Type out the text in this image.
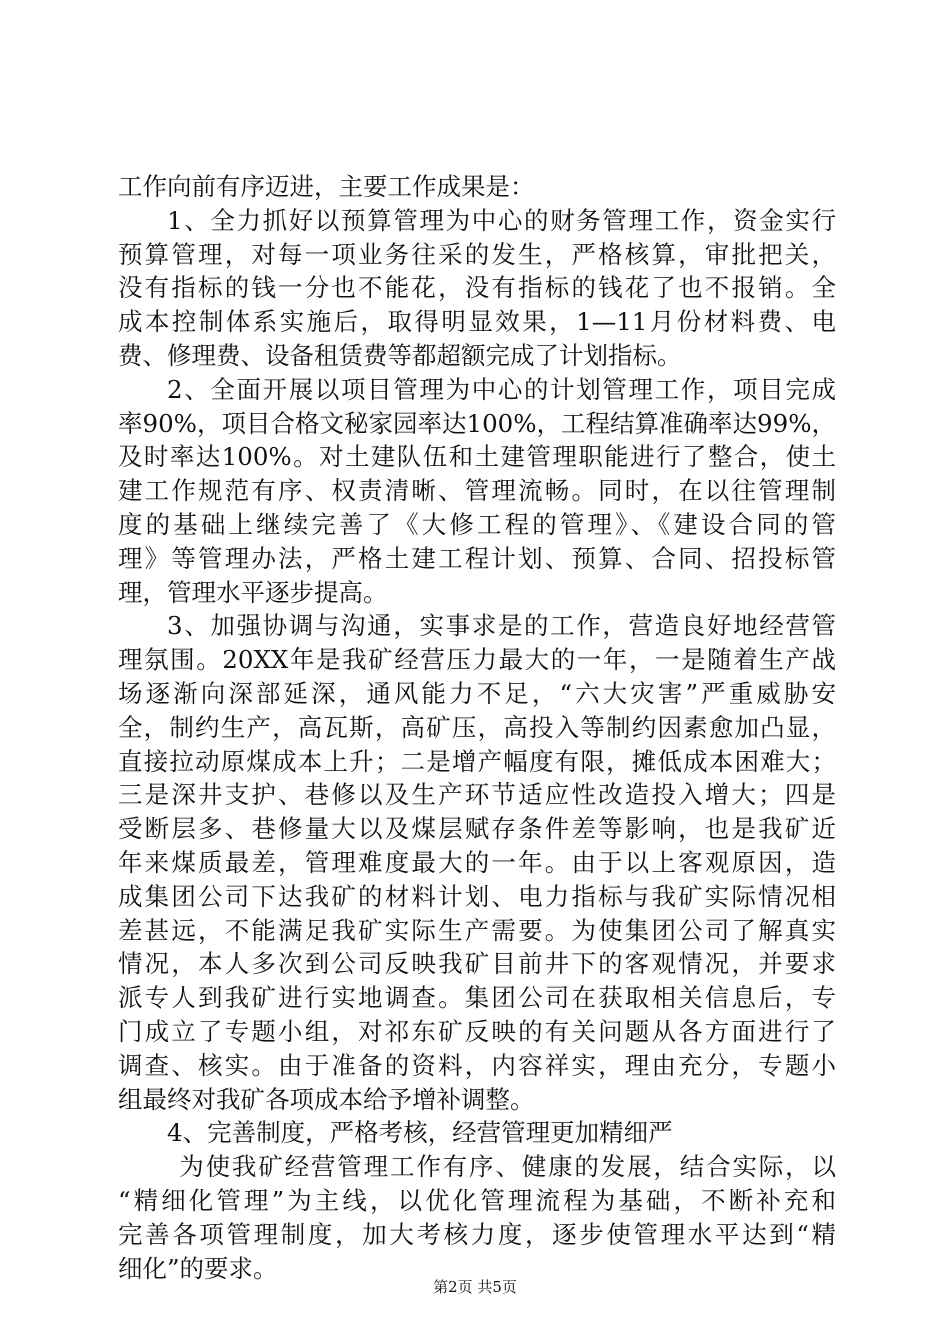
工作向前有序迈进，主要工作成果是：
1、全力抓好以预算管理为中心的财务管理工作，资金实行
预算管理，对每一项业务往采的发生，严格核算，审批把关，
没有指标的钱一分也不能花，没有指标的钱花了也不报销。全
成本控制体系实施后，取得明显效果，1—11月份材料费、电
费、修理费、设备租赁费等都超额完成了计划指标。
2、全面开展以项目管理为中心的计划管理工作，项目完成
率90%，项目合格文秘家园率达100%，工程结算准确率达99%，
及时率达100%。对土建队伍和土建管理职能进行了整合，使土
建工作规范有序、权责清晰、管理流畅。同时，在以往管理制
度的基础上继续完善了《大修工程的管理》、《建设合同的管
理》等管理办法，严格土建工程计划、预算、合同、招投标管
理，管理水平逐步提高。
3、加强协调与沟通，实事求是的工作，营造良好地经营管
理氛围。20XX年是我矿经营压力最大的一年，一是随着生产战
场逐渐向深部延深，通风能力不足，“六大灾害”严重威胁安
全，制约生产，高瓦斯，高矿压，高投入等制约因素愈加凸显，
直接拉动原煤成本上升；二是增产幅度有限，摊低成本困难大；
三是深井支护、巷修以及生产环节适应性改造投入增大；四是
受断层多、巷修量大以及煤层赋存条件差等影响，也是我矿近
年来煤质最差，管理难度最大的一年。由于以上客观原因，造
成集团公司下达我矿的材料计划、电力指标与我矿实际情况相
差甚远，不能满足我矿实际生产需要。为使集团公司了解真实
情况，本人多次到公司反映我矿目前井下的客观情况，并要求
派专人到我矿进行实地调查。集团公司在获取相关信息后，专
门成立了专题小组，对祁东矿反映的有关问题从各方面进行了
调查、核实。由于准备的资料，内容祥实，理由充分，专题小
组最终对我矿各项成本给予增补调整。
4、完善制度，严格考核，经营管理更加精细严
为使我矿经营管理工作有序、健康的发展，结合实际，以
“精细化管理”为主线，以优化管理流程为基础，不断补充和
完善各项管理制度，加大考核力度，逐步使管理水平达到“精
细化”的要求。
第2页 共5页
